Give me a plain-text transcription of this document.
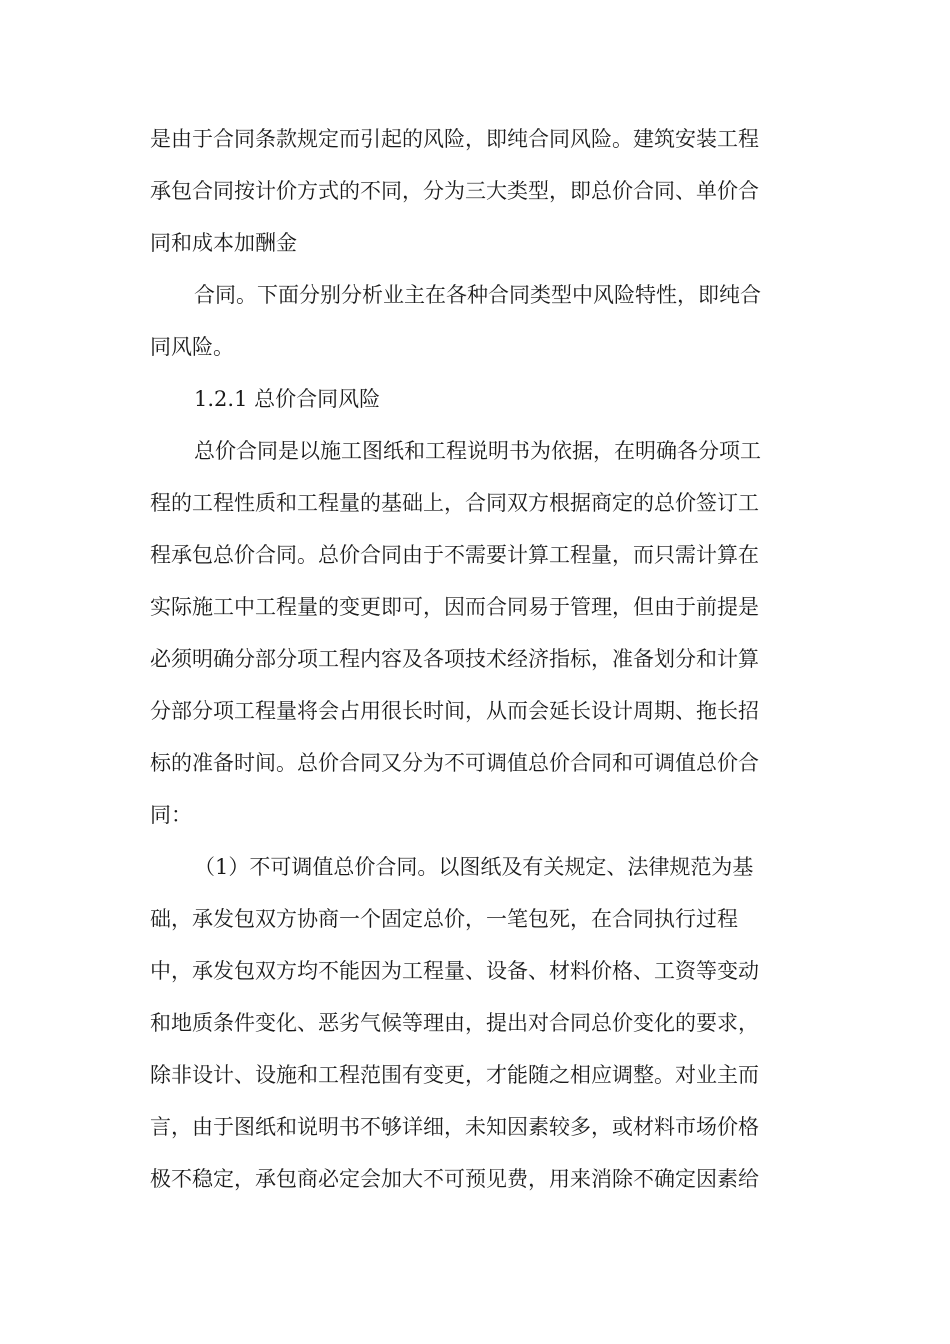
是由于合同条款规定而引起的风险，即纯合同风险。建筑安装工程
承包合同按计价方式的不同，分为三大类型，即总价合同、单价合
同和成本加酬金
合同。下面分别分析业主在各种合同类型中风险特性，即纯合
同风险。
1.2.1 总价合同风险
总价合同是以施工图纸和工程说明书为依据，在明确各分项工
程的工程性质和工程量的基础上，合同双方根据商定的总价签订工
程承包总价合同。总价合同由于不需要计算工程量，而只需计算在
实际施工中工程量的变更即可，因而合同易于管理，但由于前提是
必须明确分部分项工程内容及各项技术经济指标，准备划分和计算
分部分项工程量将会占用很长时间，从而会延长设计周期、拖长招
标的准备时间。总价合同又分为不可调值总价合同和可调值总价合
同：
（1）不可调值总价合同。以图纸及有关规定、法律规范为基
础，承发包双方协商一个固定总价，一笔包死，在合同执行过程
中，承发包双方均不能因为工程量、设备、材料价格、工资等变动
和地质条件变化、恶劣气候等理由，提出对合同总价变化的要求，
除非设计、设施和工程范围有变更，才能随之相应调整。对业主而
言，由于图纸和说明书不够详细，未知因素较多，或材料市场价格
极不稳定，承包商必定会加大不可预见费，用来消除不确定因素给
